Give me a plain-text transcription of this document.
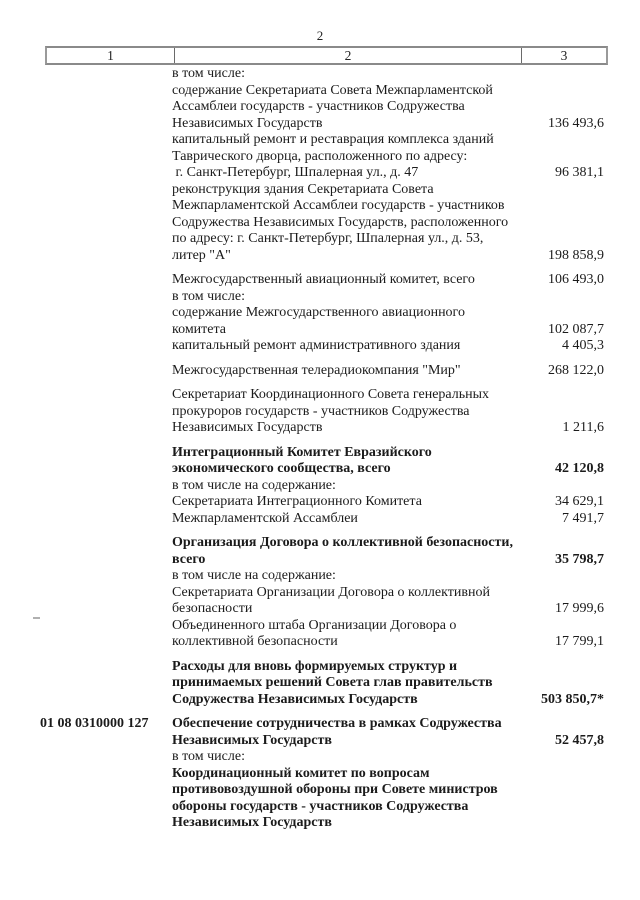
2
1	2	3
в том числе:
содержание Секретариата Совета Межпарламентской
Ассамблеи государств - участников Содружества
Независимых Государств	136 493,6
капитальный ремонт и реставрация комплекса зданий
Таврического дворца, расположенного по адресу:
г. Санкт-Петербург, Шпалерная ул., д. 47	96 381,1
реконструкция здания Секретариата Совета
Межпарламентской Ассамблеи государств - участников
Содружества Независимых Государств, расположенного
по адресу: г. Санкт-Петербург, Шпалерная ул., д. 53,
литер "А"	198 858,9
Межгосударственный авиационный комитет, всего	106 493,0
в том числе:
содержание Межгосударственного авиационного
комитета	102 087,7
капитальный ремонт административного здания	4 405,3
Межгосударственная телерадиокомпания "Мир"	268 122,0
Секретариат Координационного Совета генеральных
прокуроров государств - участников Содружества
Независимых Государств	1 211,6
Интеграционный Комитет Евразийского
экономического сообщества, всего	42 120,8
в том числе на содержание:
Секретариата Интеграционного Комитета	34 629,1
Межпарламентской Ассамблеи	7 491,7
Организация Договора о коллективной безопасности,
всего	35 798,7
в том числе на содержание:
Секретариата Организации Договора о коллективной
безопасности	17 999,6
Объединенного штаба Организации Договора о
коллективной безопасности	17 799,1
Расходы для вновь формируемых структур и
принимаемых решений Совета глав правительств
Содружества Независимых Государств	503 850,7*
01 08 0310000 127	Обеспечение сотрудничества в рамках Содружества
Независимых Государств	52 457,8
в том числе:
Координационный комитет по вопросам
противовоздушной обороны при Совете министров
обороны государств - участников Содружества
Независимых Государств
